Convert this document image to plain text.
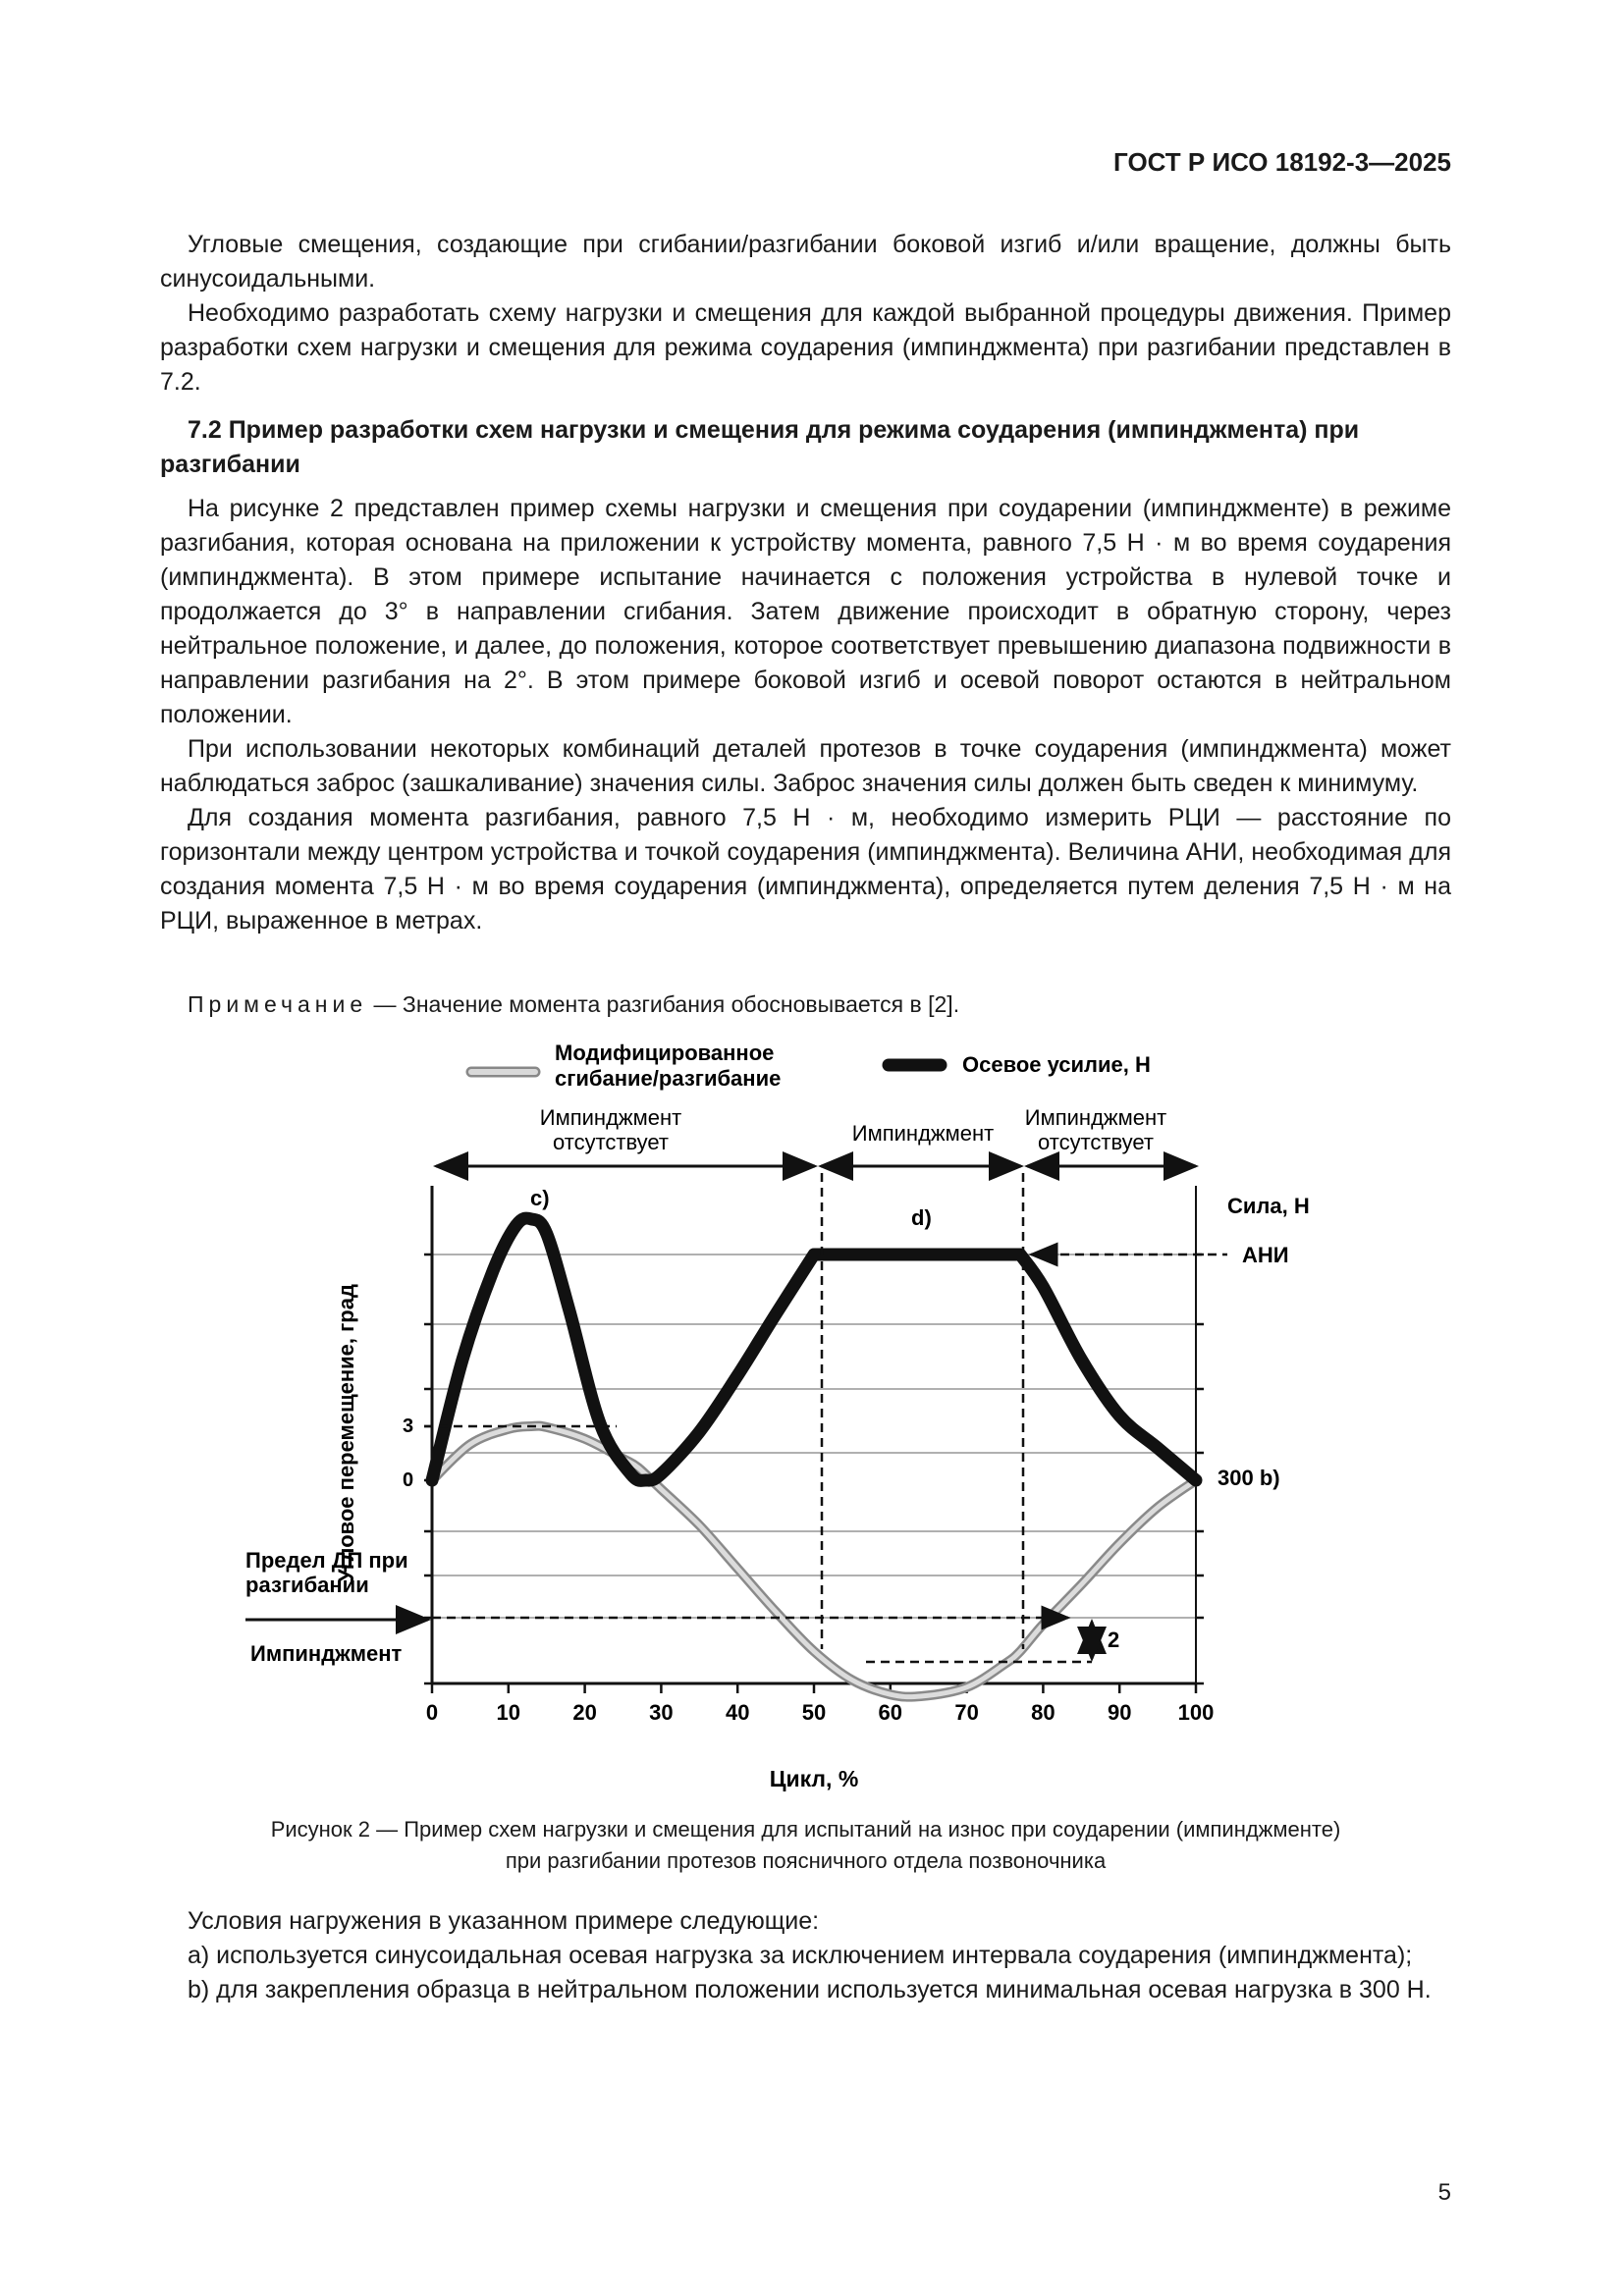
ГОСТ Р ИСО 18192-3—2025

Угловые смещения, создающие при сгибании/разгибании боковой изгиб и/или вращение, должны быть синусоидальными.

Необходимо разработать схему нагрузки и смещения для каждой выбранной процедуры движения. Пример разработки схем нагрузки и смещения для режима соударения (импинджмента) при разгибании представлен в 7.2.

7.2 Пример разработки схем нагрузки и смещения для режима соударения (импинджмента) при разгибании

На рисунке 2 представлен пример схемы нагрузки и смещения при соударении (импинджменте) в режиме разгибания, которая основана на приложении к устройству момента, равного 7,5 Н · м во время соударения (импинджмента). В этом примере испытание начинается с положения устройства в нулевой точке и продолжается до 3° в направлении сгибания. Затем движение происходит в обратную сторону, через нейтральное положение, и далее, до положения, которое соответствует превышению диапазона подвижности в направлении разгибания на 2°. В этом примере боковой изгиб и осевой поворот остаются в нейтральном положении.

При использовании некоторых комбинаций деталей протезов в точке соударения (импинджмента) может наблюдаться заброс (зашкаливание) значения силы. Заброс значения силы должен быть сведен к минимуму.

Для создания момента разгибания, равного 7,5 Н · м, необходимо измерить РЦИ — расстояние по горизонтали между центром устройства и точкой соударения (импинджмента). Величина АНИ, необходимая для создания момента 7,5 Н · м во время соударения (импинджмента), определяется путем деления 7,5 Н · м на РЦИ, выраженное в метрах.

Примечание — Значение момента разгибания обосновывается в [2].
Модифицированное сгибание/разгибание
Осевое усилие, Н
Импинджмент отсутствует	Импинджмент
Импинджмент отсутствует
0	10 20 30 40 50 60 70 80 90 100
Угловое перемещение, град
Цикл, %
Сила, Н
3
0
c)
d)
АНИ
300 b)
Предел ДП при разгибании
Импинджмент
2
Рисунок 2 — Пример схем нагрузки и смещения для испытаний на износ при соударении (импинджменте)
при разгибании протезов поясничного отдела позвоночника

Условия нагружения в указанном примере следующие:

а) используется синусоидальная осевая нагрузка за исключением интервала соударения (импинджмента);

b) для закрепления образца в нейтральном положении используется минимальная осевая нагрузка в 300 Н.

5
